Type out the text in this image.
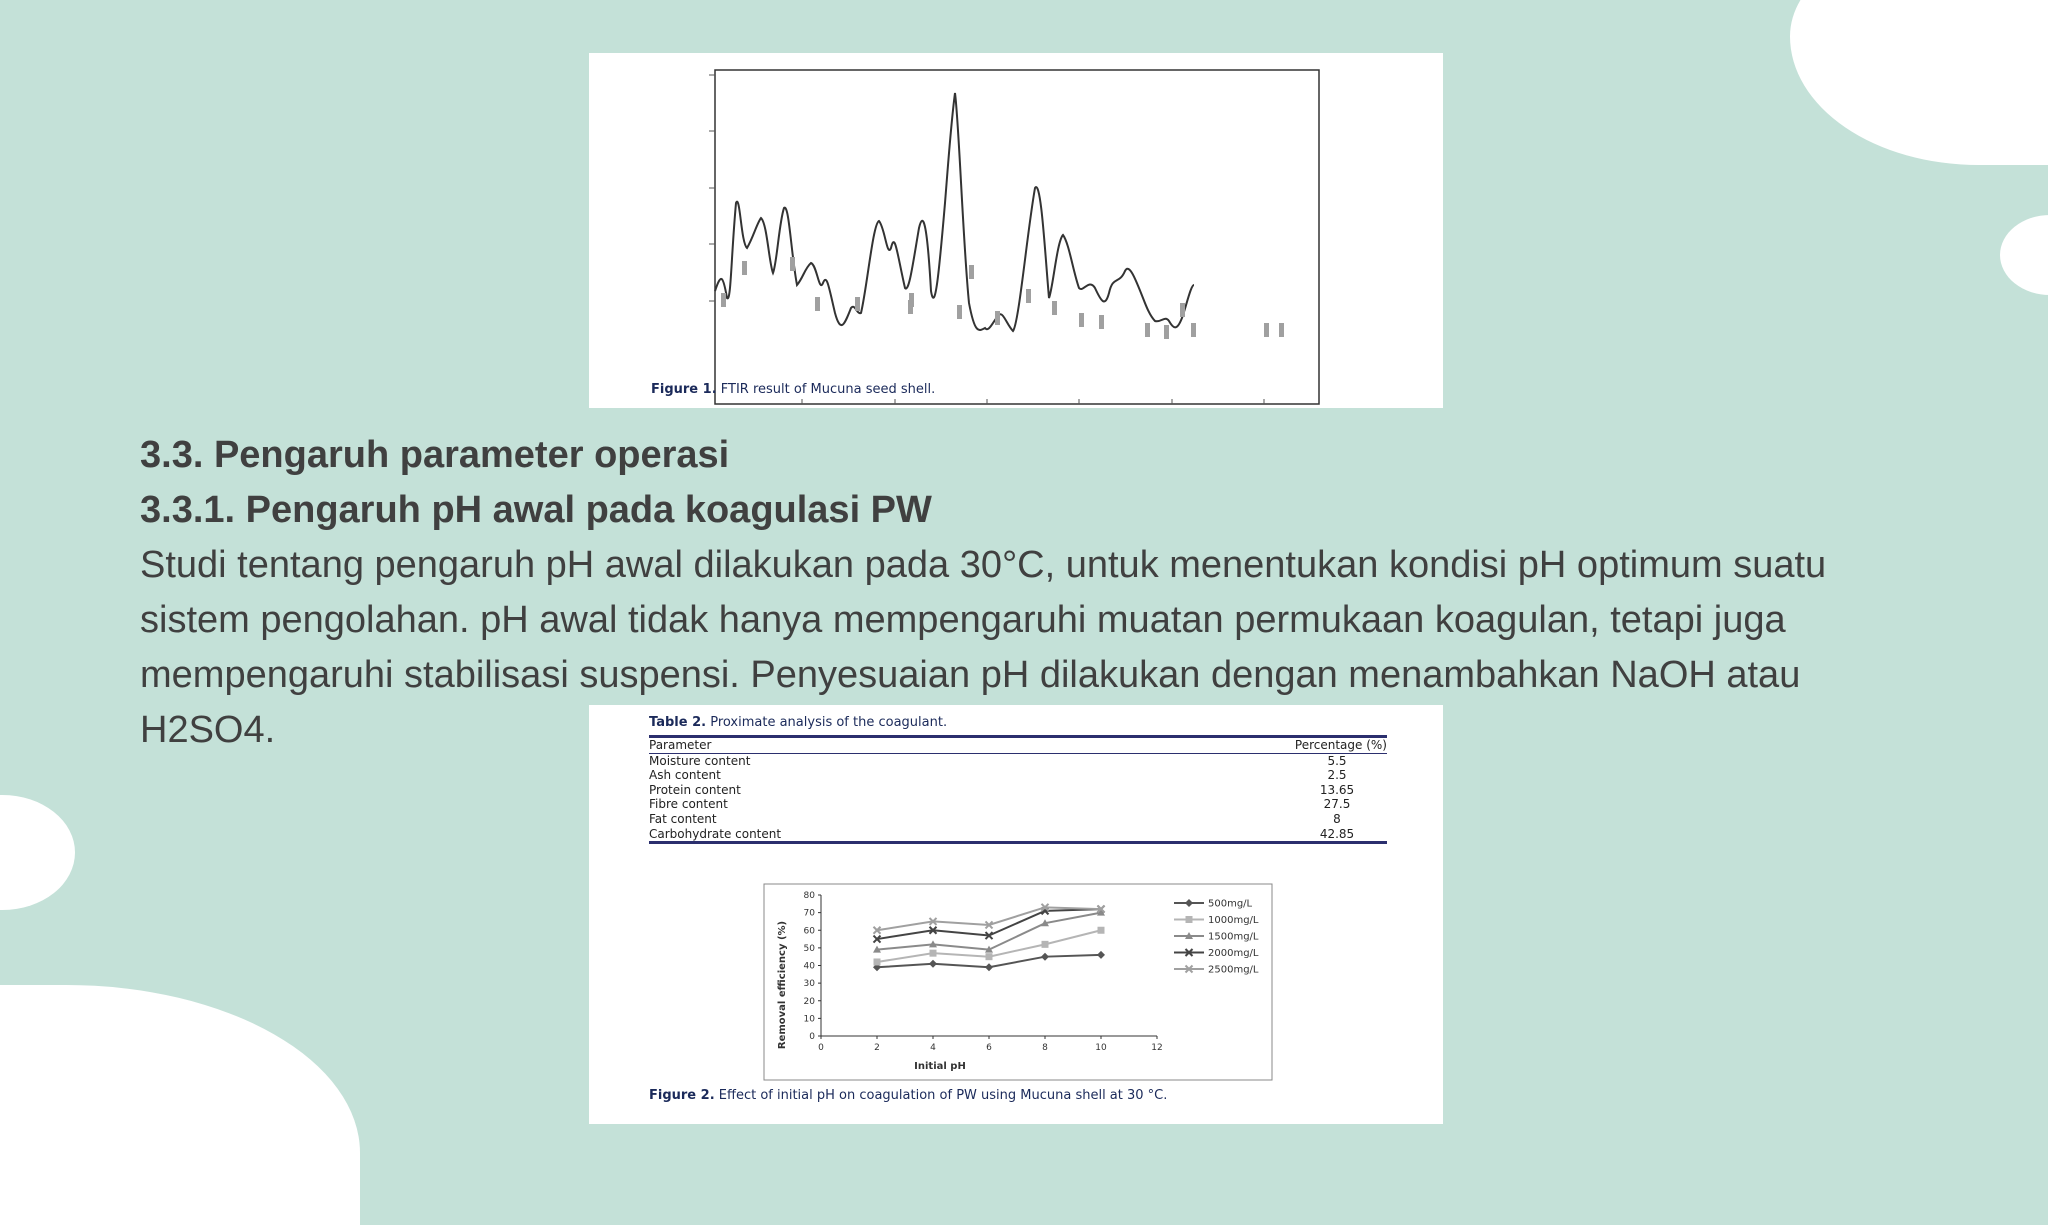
Figure 1. FTIR result of Mucuna seed shell.

3.3. Pengaruh parameter operasi

3.3.1. Pengaruh pH awal pada koagulasi PW

Studi tentang pengaruh pH awal dilakukan pada 30°C, untuk menentukan kondisi pH optimum suatu

sistem pengolahan. pH awal tidak hanya mempengaruhi muatan permukaan koagulan, tetapi juga

mempengaruhi stabilisasi suspensi. Penyesuaian pH dilakukan dengan menambahkan NaOH atau

H2SO4.	Table 2. Proximate analysis of the coagulant.
Parameter	Percentage (%)
Moisture content	5.5
Ash content	2.5
Protein content	13.65
Fibre content	27.5
Fat content	8
Carbohydrate content	42.85
0
10
20
30
40
50
60
70
80
0	2	4	6	8	10	12
500mg/L
1000mg/L
1500mg/L
2000mg/L
2500mg/L
Initial pH
Removal efficiency (%)
Figure 2. Effect of initial pH on coagulation of PW using Mucuna shell at 30 °C.
